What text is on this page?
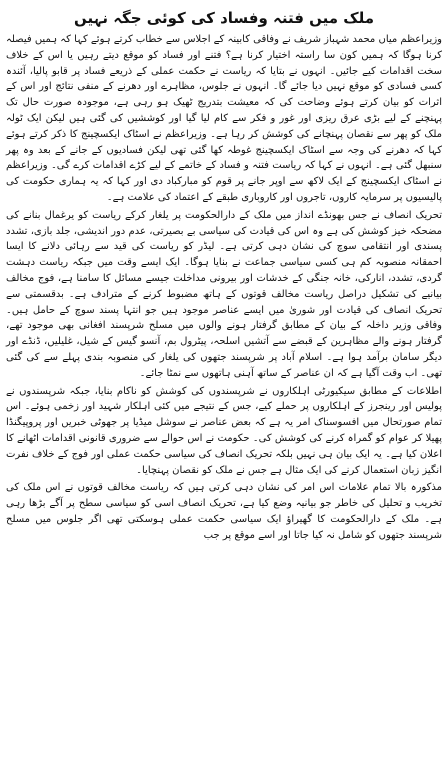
ملک میں فتنہ وفساد کی کوئی جگہ نہیں

وزیراعظم میاں محمد شہباز شریف نے وفاقی کابینہ کے اجلاس سے خطاب کرتے ہوئے کہا کہ ہمیں فیصلہ کرنا ہوگا کہ ہمیں کون سا راستہ اختیار کرنا ہے؟ فتنے اور فساد کو موقع دیتے رہیں یا اس کے خلاف سخت اقدامات کیے جائیں۔ انہوں نے بتایا کہ ریاست نے حکمت عملی کے ذریعے فساد پر قابو پالیا، آئندہ کسی فسادی کو موقع نہیں دیا جائے گا۔ انہوں نے جلوس، مظاہرے اور دھرنے کے منفی نتائج اور اس کے اثرات کو بیان کرتے ہوئے وضاحت کی کہ معیشت بتدریج ٹھیک ہو رہی ہے، موجودہ صورت حال تک پہنچنے کے لیے بڑی عرق ریزی اور غور و فکر سے کام لیا گیا اور کوششیں کی گئی ہیں لیکن ایک ٹولہ ملک کو پھر سے نقصان پہنچانے کی کوشش کر رہا ہے۔ وزیراعظم نے اسٹاک ایکسچینج کا ذکر کرتے ہوئے کہا کہ دھرنے کی وجہ سے اسٹاک ایکسچینج غوطہ کھا گئی تھی لیکن فسادیوں کے جانے کے بعد وہ پھر سنبھل گئی ہے۔ انہوں نے کہا کہ ریاست فتنہ و فساد کے خاتمے کے لیے کڑے اقدامات کرے گی۔ وزیراعظم نے اسٹاک ایکسچینج کے ایک لاکھ سے اوپر جانے پر قوم کو مبارکباد دی اور کہا کہ یہ ہماری حکومت کی پالیسیوں پر سرمایہ کاروں، تاجروں اور کاروباری طبقے کے اعتماد کی علامت ہے۔

تحریک انصاف نے جس بھونڈے انداز میں ملک کے دارالحکومت پر یلغار کرکے ریاست کو یرغمال بنانے کی مضحکہ خیز کوشش کی ہے وہ اس کی قیادت کی سیاسی بے بصیرتی، عدم دور اندیشی، جلد بازی، تشدد پسندی اور انتقامی سوچ کی نشان دہی کرتی ہے۔ لیڈر کو ریاست کی قید سے رہائی دلانے کا ایسا احمقانہ منصوبہ کم ہی کسی سیاسی جماعت نے بنایا ہوگا۔ ایک ایسے وقت میں جبکہ ریاست دہشت گردی، تشدد، انارکی، خانہ جنگی کے خدشات اور بیرونی مداخلت جیسے مسائل کا سامنا ہے، فوج مخالف بیانیے کی تشکیل دراصل ریاست مخالف قوتوں کے ہاتھ مضبوط کرنے کے مترادف ہے۔ بدقسمتی سے تحریک انصاف کی قیادت اور شوریٰ میں ایسے عناصر موجود ہیں جو انتہا پسند سوچ کے حامل ہیں۔ وفاقی وزیر داخلہ کے بیان کے مطابق گرفتار ہونے والوں میں مسلح شرپسند افغانی بھی موجود تھے، گرفتار ہونے والے مظاہرین کے قبضے سے آتشیں اسلحہ، پیٹرول بم، آنسو گیس کے شیل، غلیلیں، ڈنڈے اور دیگر سامان برآمد ہوا ہے۔ اسلام آباد پر شرپسند جتھوں کی یلغار کی منصوبہ بندی پہلے سے کی گئی تھی۔ اب وقت آگیا ہے کہ ان عناصر کے ساتھ آہنی ہاتھوں سے نمٹا جائے۔

اطلاعات کے مطابق سیکیورٹی اہلکاروں نے شرپسندوں کی کوشش کو ناکام بنایا، جبکہ شرپسندوں نے پولیس اور رینجرز کے اہلکاروں پر حملے کیے، جس کے نتیجے میں کئی اہلکار شہید اور زخمی ہوئے۔ اس تمام صورتحال میں افسوسناک امر یہ ہے کہ بعض عناصر نے سوشل میڈیا پر جھوٹی خبریں اور پروپیگنڈا پھیلا کر عوام کو گمراہ کرنے کی کوشش کی۔ حکومت نے اس حوالے سے ضروری قانونی اقدامات اٹھانے کا اعلان کیا ہے۔ یہ ایک بیان ہی نہیں بلکہ تحریک انصاف کی سیاسی حکمت عملی اور فوج کے خلاف نفرت انگیز زبان استعمال کرنے کی ایک مثال ہے جس نے ملک کو نقصان پہنچایا۔

مذکورہ بالا تمام علامات اس امر کی نشان دہی کرتی ہیں کہ ریاست مخالف قوتوں نے اس ملک کی تخریب و تحلیل کی خاطر جو بیانیہ وضع کیا ہے، تحریک انصاف اسی کو سیاسی سطح پر آگے بڑھا رہی ہے۔ ملک کے دارالحکومت کا گھیراؤ ایک سیاسی حکمت عملی ہوسکتی تھی اگر جلوس میں مسلح شرپسند جتھوں کو شامل نہ کیا جاتا اور اسے موقع پر جب
